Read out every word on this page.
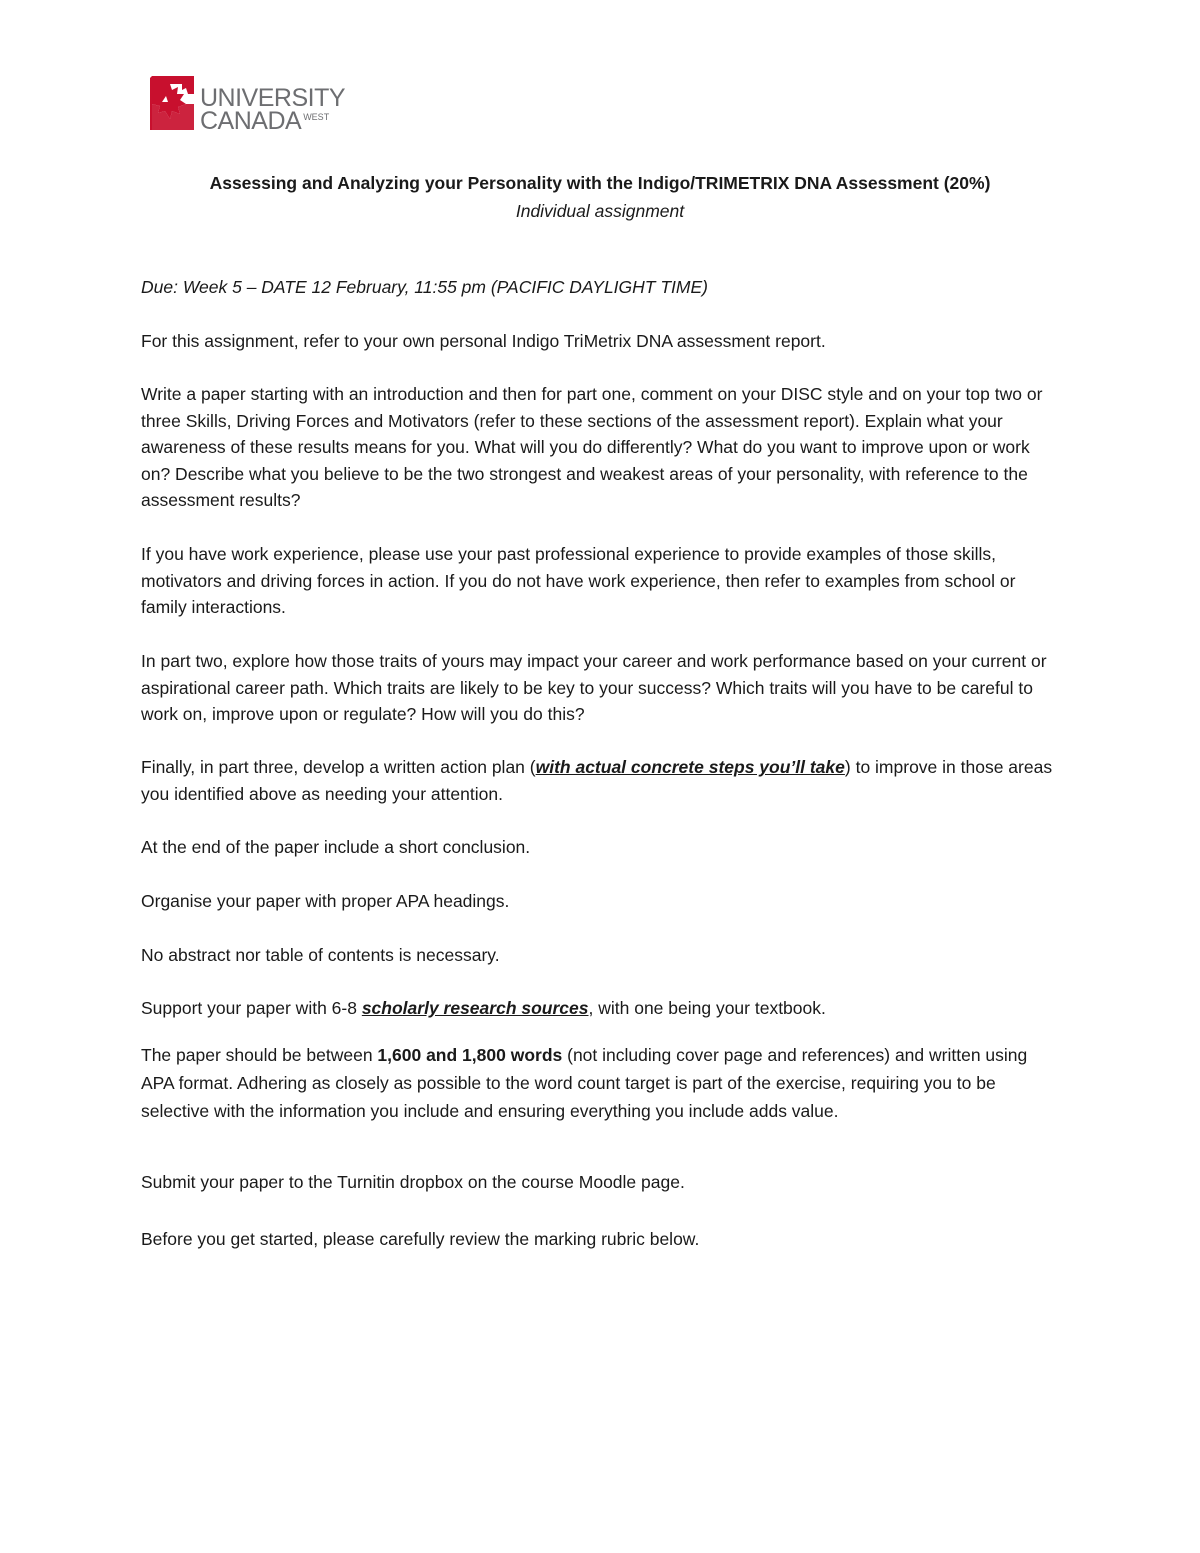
UNIVERSITY
CANADA $^{WEST}$
Assessing and Analyzing your Personality with the Indigo/TRIMETRIX DNA Assessment (20%)
Individual assignment
Due: Week 5 – DATE 12 February, 11:55 pm (PACIFIC DAYLIGHT TIME)
For this assignment, refer to your own personal Indigo TriMetrix DNA assessment report.
Write a paper starting with an introduction and then for part one, comment on your DISC style and on your top two or three Skills, Driving Forces and Motivators (refer to these sections of the assessment report). Explain what your awareness of these results means for you. What will you do differently? What do you want to improve upon or work on? Describe what you believe to be the two strongest and weakest areas of your personality, with reference to the assessment results?
If you have work experience, please use your past professional experience to provide examples of those skills, motivators and driving forces in action. If you do not have work experience, then refer to examples from school or family interactions.
In part two, explore how those traits of yours may impact your career and work performance based on your current or aspirational career path. Which traits are likely to be key to your success? Which traits will you have to be careful to work on, improve upon or regulate? How will you do this?

Finally, in part three, develop a written action plan (with actual concrete steps you’ll take) to improve in those areas you identified above as needing your attention.

At the end of the paper include a short conclusion.
Organise your paper with proper APA headings.
No abstract nor table of contents is necessary.

Support your paper with 6-8 scholarly research sources, with one being your textbook.

The paper should be between 1,600 and 1,800 words (not including cover page and references) and written using APA format. Adhering as closely as possible to the word count target is part of the exercise, requiring you to be selective with the information you include and ensuring everything you include adds value.

Submit your paper to the Turnitin dropbox on the course Moodle page.
Before you get started, please carefully review the marking rubric below.
